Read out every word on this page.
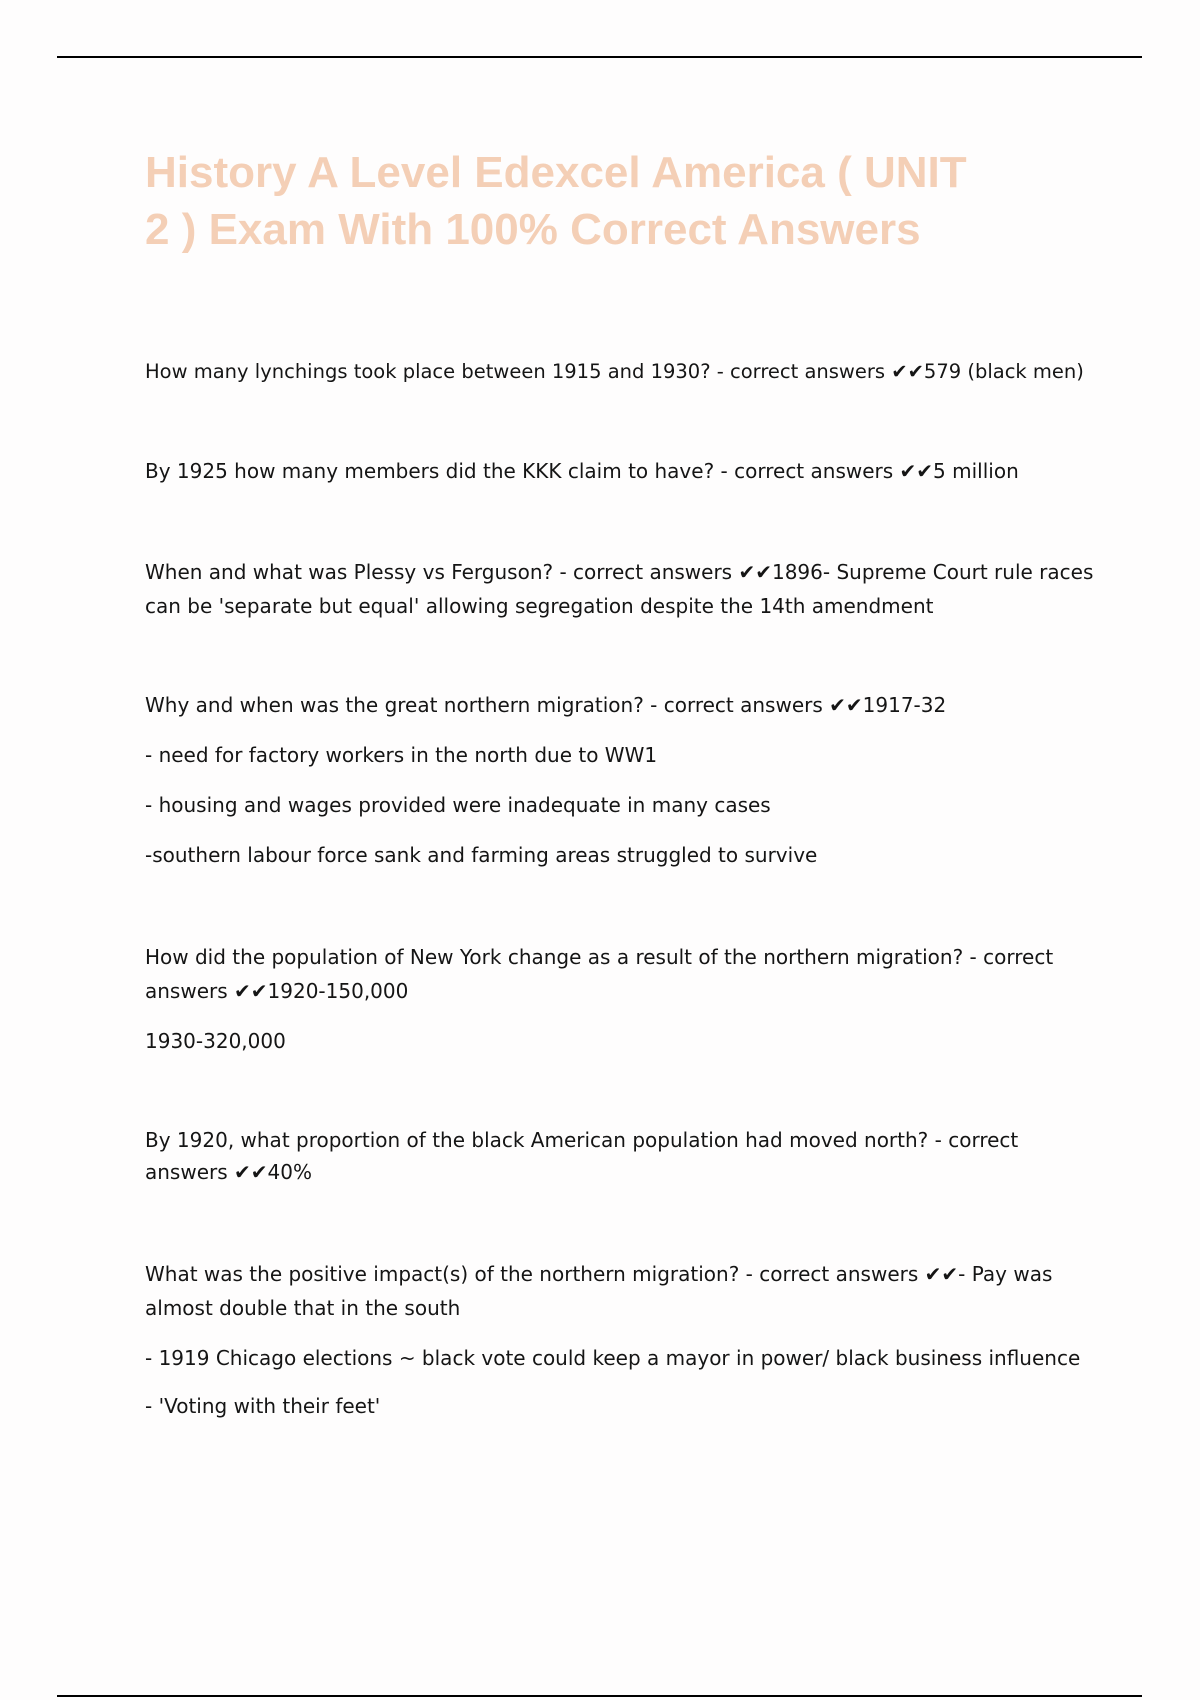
History A Level Edexcel America ( UNIT
2 ) Exam With 100% Correct Answers
How many lynchings took place between 1915 and 1930? - correct answers ✔✔579 (black men)
By 1925 how many members did the KKK claim to have? - correct answers ✔✔5 million
When and what was Plessy vs Ferguson? - correct answers ✔✔1896- Supreme Court rule races
can be 'separate but equal' allowing segregation despite the 14th amendment
Why and when was the great northern migration? - correct answers ✔✔1917-32
- need for factory workers in the north due to WW1
- housing and wages provided were inadequate in many cases
-southern labour force sank and farming areas struggled to survive
How did the population of New York change as a result of the northern migration? - correct
answers ✔✔1920-150,000
1930-320,000
By 1920, what proportion of the black American population had moved north? - correct
answers ✔✔40%
What was the positive impact(s) of the northern migration? - correct answers ✔✔- Pay was
almost double that in the south
- 1919 Chicago elections ~ black vote could keep a mayor in power/ black business influence
- 'Voting with their feet'
